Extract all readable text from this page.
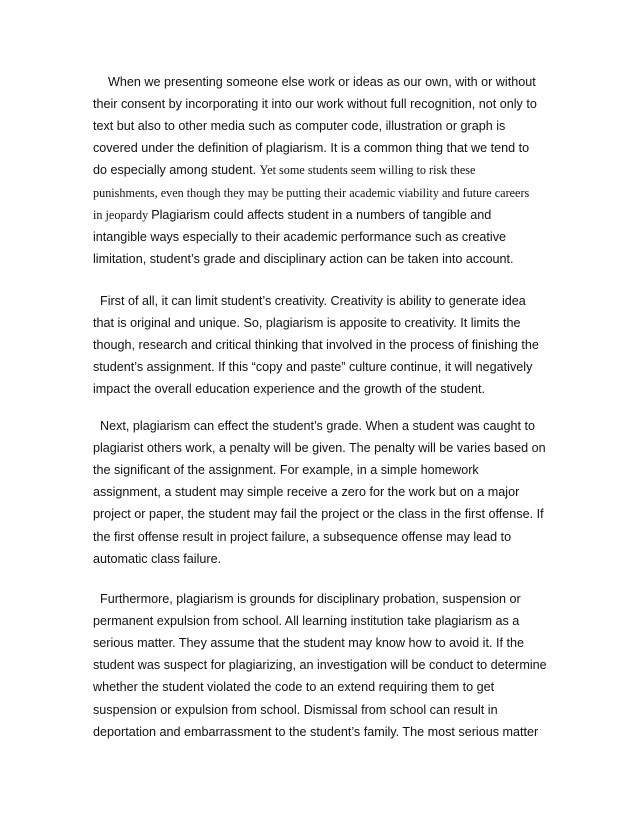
When we presenting someone else work or ideas as our own, with or without
their consent by incorporating it into our work without full recognition, not only to
text but also to other media such as computer code, illustration or graph is
covered under the definition of plagiarism. It is a common thing that we tend to
do especially among student. Yet some students seem willing to risk these
punishments, even though they may be putting their academic viability and future careers
in jeopardy Plagiarism could affects student in a numbers of tangible and
intangible ways especially to their academic performance such as creative
limitation, student’s grade and disciplinary action can be taken into account.
First of all, it can limit student’s creativity. Creativity is ability to generate idea
that is original and unique. So, plagiarism is apposite to creativity. It limits the
though, research and critical thinking that involved in the process of finishing the
student’s assignment. If this “copy and paste” culture continue, it will negatively
impact the overall education experience and the growth of the student.
Next, plagiarism can effect the student’s grade. When a student was caught to
plagiarist others work, a penalty will be given. The penalty will be varies based on
the significant of the assignment. For example, in a simple homework
assignment, a student may simple receive a zero for the work but on a major
project or paper, the student may fail the project or the class in the first offense. If
the first offense result in project failure, a subsequence offense may lead to
automatic class failure.
Furthermore, plagiarism is grounds for disciplinary probation, suspension or
permanent expulsion from school. All learning institution take plagiarism as a
serious matter. They assume that the student may know how to avoid it. If the
student was suspect for plagiarizing, an investigation will be conduct to determine
whether the student violated the code to an extend requiring them to get
suspension or expulsion from school. Dismissal from school can result in
deportation and embarrassment to the student’s family. The most serious matter
